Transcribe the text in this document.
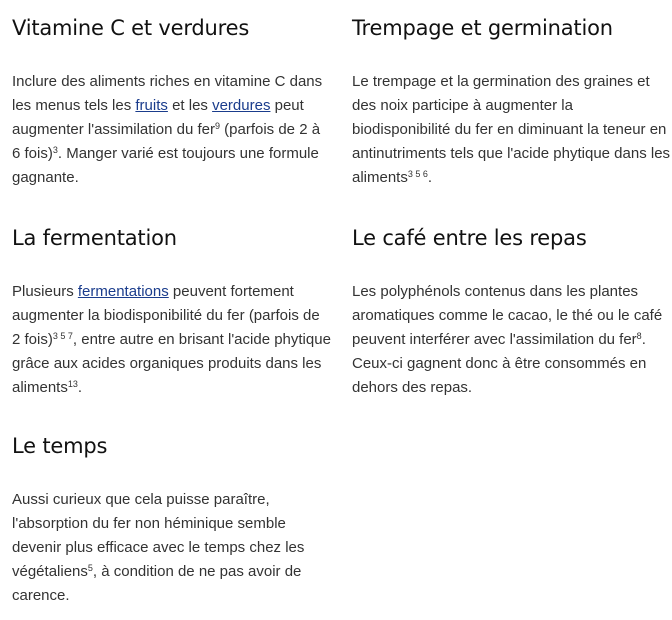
Vitamine C et verdures

Inclure des aliments riches en vitamine C dans les menus tels les fruits et les verdures peut augmenter l'assimilation du fer$^9$ (parfois de 2 à 6 fois)$^3$. Manger varié est toujours une formule gagnante.

Trempage et germination

Le trempage et la germination des graines et des noix participe à augmenter la biodisponibilité du fer en diminuant la teneur en antinutriments tels que l'acide phytique dans les aliments$^{3 5 6}$.

La fermentation

Plusieurs fermentations peuvent fortement augmenter la biodisponibilité du fer (parfois de 2 fois)$^{3 5 7}$, entre autre en brisant l'acide phytique grâce aux acides organiques produits dans les aliments$^{13}$.

Le café entre les repas

Les polyphénols contenus dans les plantes aromatiques comme le cacao, le thé ou le café peuvent interférer avec l'assimilation du fer$^8$. Ceux-ci gagnent donc à être consommés en dehors des repas.

Le temps

Aussi curieux que cela puisse paraître, l'absorption du fer non héminique semble devenir plus efficace avec le temps chez les végétaliens$^5$, à condition de ne pas avoir de carence.
